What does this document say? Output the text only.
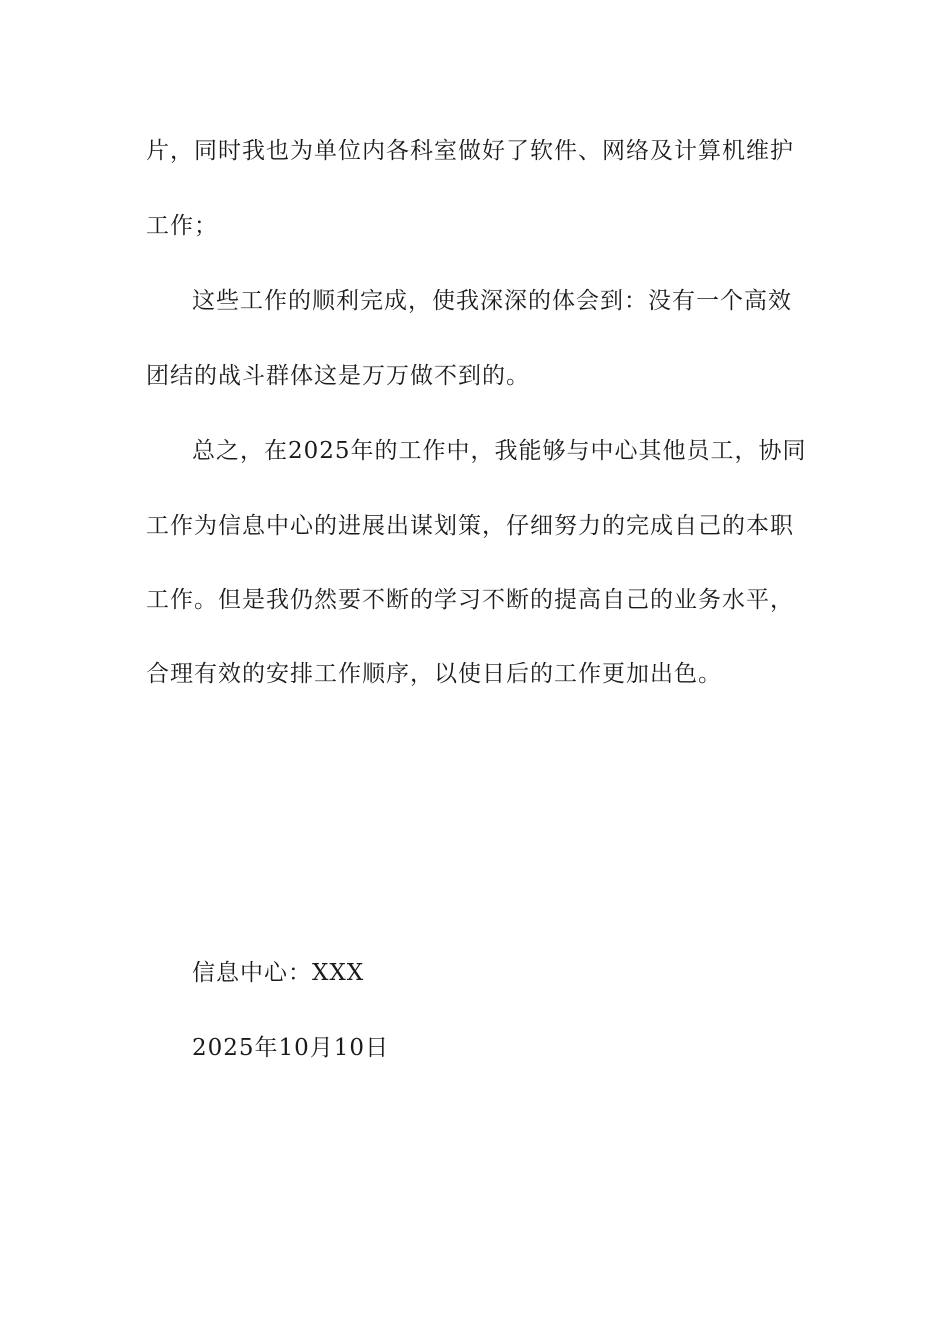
片，同时我也为单位内各科室做好了软件、网络及计算机维护
工作；
这些工作的顺利完成，使我深深的体会到：没有一个高效
团结的战斗群体这是万万做不到的。
总之，在2025年的工作中，我能够与中心其他员工，协同
工作为信息中心的进展出谋划策，仔细努力的完成自己的本职
工作。但是我仍然要不断的学习不断的提高自己的业务水平，
合理有效的安排工作顺序，以使日后的工作更加出色。
信息中心：XXX
2025年10月10日
